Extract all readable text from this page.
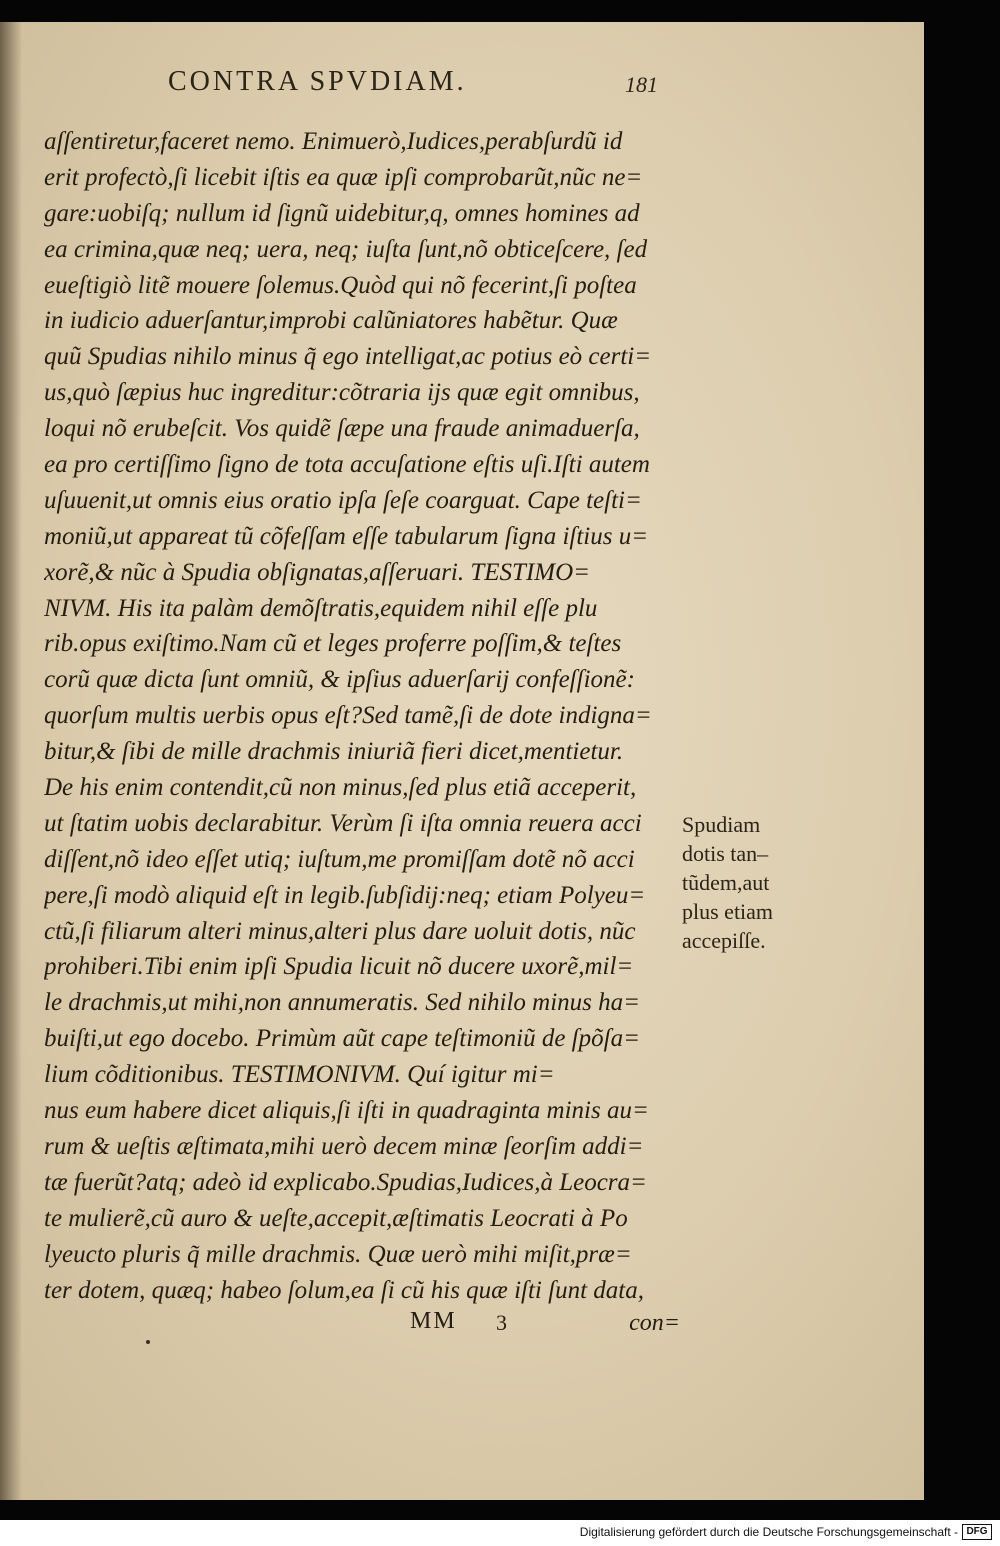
CONTRA SPVDIAM.	181
aſſentiretur,faceret nemo. Enimuerò,Iudices,perabſurdũ id
erit profectò,ſi licebit iſtis ea quæ ipſi comprobarũt,nũc ne=
gare:uobiſq; nullum id ſignũ uidebitur,q, omnes homines ad
ea crimina,quæ neq; uera, neq; iuſta ſunt,nõ obticeſcere, ſed
eueſtigiò litẽ mouere ſolemus.Quòd qui nõ fecerint,ſi poſtea
in iudicio aduerſantur,improbi calũniatores habẽtur. Quæ
quũ Spudias nihilo minus q̃ ego intelligat,ac potius eò certi=
us,quò ſæpius huc ingreditur:cõtraria ijs quæ egit omnibus,
loqui nõ erubeſcit. Vos quidẽ ſæpe una fraude animaduerſa,
ea pro certiſſimo ſigno de tota accuſatione eſtis uſi.Iſti autem
uſuuenit,ut omnis eius oratio ipſa ſeſe coarguat. Cape teſti=
moniũ,ut appareat tũ cõfeſſam eſſe tabularum ſigna iſtius u=
xorẽ,& nũc à Spudia obſignatas,aſſeruari. TESTIMO=
NIVM. His ita palàm demõſtratis,equidem nihil eſſe plu
rib.opus exiſtimo.Nam cũ et leges proferre poſſim,& teſtes
corũ quæ dicta ſunt omniũ, & ipſius aduerſarij confeſſionẽ:
quorſum multis uerbis opus eſt?Sed tamẽ,ſi de dote indigna=
bitur,& ſibi de mille drachmis iniuriã fieri dicet,mentietur.
De his enim contendit,cũ non minus,ſed plus etiã acceperit,
ut ſtatim uobis declarabitur. Verùm ſi iſta omnia reuera acci
diſſent,nõ ideo eſſet utiq; iuſtum,me promiſſam dotẽ nõ acci
pere,ſi modò aliquid eſt in legib.ſubſidij:neq; etiam Polyeu=
ctũ,ſi filiarum alteri minus,alteri plus dare uoluit dotis, nũc
prohiberi.Tibi enim ipſi Spudia licuit nõ ducere uxorẽ,mil=
le drachmis,ut mihi,non annumeratis. Sed nihilo minus ha=
buiſti,ut ego docebo. Primùm aũt cape teſtimoniũ de ſpõſa=
lium cõditionibus. TESTIMONIVM. Quí igitur mi=
nus eum habere dicet aliquis,ſi iſti in quadraginta minis au=
rum & ueſtis æſtimata,mihi uerò decem minæ ſeorſim addi=
tæ fuerũt?atq; adeò id explicabo.Spudias,Iudices,à Leocra=
te mulierẽ,cũ auro & ueſte,accepit,æſtimatis Leocrati à Po
lyeucto pluris q̃ mille drachmis. Quæ uerò mihi miſit,præ=
ter dotem, quæq; habeo ſolum,ea ſi cũ his quæ iſti ſunt data,
Spudiam
dotis tan–
tũdem,aut
plus etiam
accepiſſe.
MM 3	con=
Digitalisierung gefördert durch die Deutsche Forschungsgemeinschaft - DFG
